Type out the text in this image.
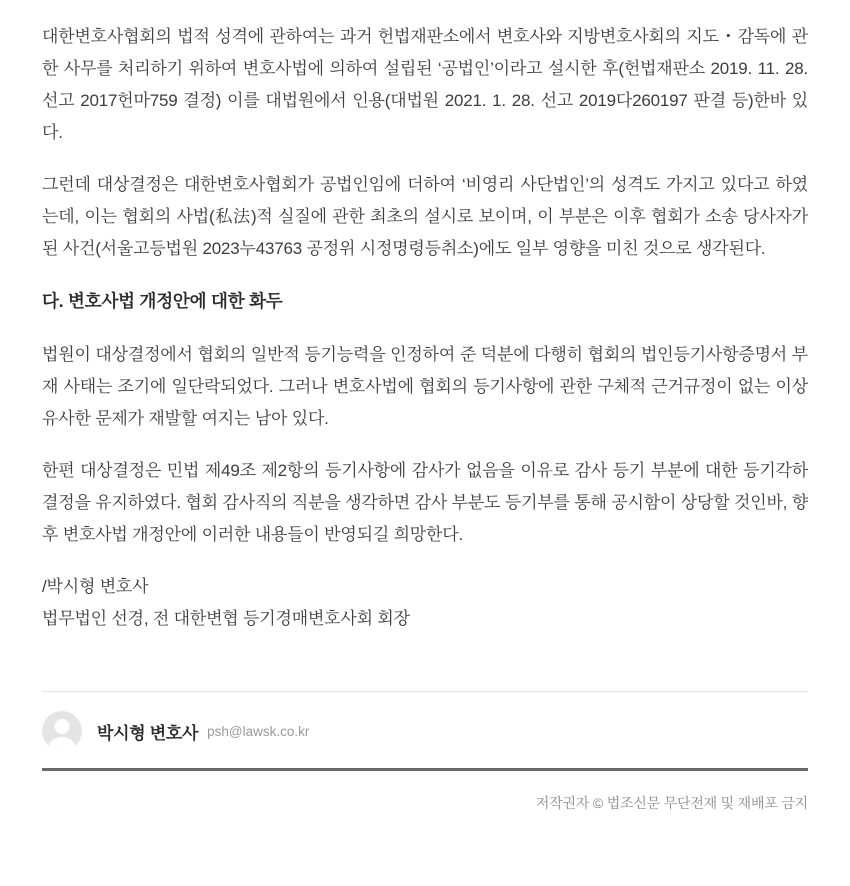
대한변호사협회의 법적 성격에 관하여는 과거 헌법재판소에서 변호사와 지방변호사회의 지도・감독에 관한 사무를 처리하기 위하여 변호사법에 의하여 설립된 ‘공법인’이라고 설시한 후(헌법재판소 2019. 11. 28. 선고 2017헌마759 결정) 이를 대법원에서 인용(대법원 2021. 1. 28. 선고 2019다260197 판결 등)한바 있다.

그런데 대상결정은 대한변호사협회가 공법인임에 더하여 ‘비영리 사단법인’의 성격도 가지고 있다고 하였는데, 이는 협회의 사법(私法)적 실질에 관한 최초의 설시로 보이며, 이 부분은 이후 협회가 소송 당사자가 된 사건(서울고등법원 2023누43763 공정위 시정명령등취소)에도 일부 영향을 미친 것으로 생각된다.

다. 변호사법 개정안에 대한 화두

법원이 대상결정에서 협회의 일반적 등기능력을 인정하여 준 덕분에 다행히 협회의 법인등기사항증명서 부재 사태는 조기에 일단락되었다. 그러나 변호사법에 협회의 등기사항에 관한 구체적 근거규정이 없는 이상 유사한 문제가 재발할 여지는 남아 있다.

한편 대상결정은 민법 제49조 제2항의 등기사항에 감사가 없음을 이유로 감사 등기 부분에 대한 등기각하결정을 유지하였다. 협회 감사직의 직분을 생각하면 감사 부분도 등기부를 통해 공시함이 상당할 것인바, 향후 변호사법 개정안에 이러한 내용들이 반영되길 희망한다.

/박시형 변호사
법무법인 선경, 전 대한변협 등기경매변호사회 회장

박시형 변호사 psh@lawsk.co.kr
저작권자 © 법조신문 무단전재 및 재배포 금지
